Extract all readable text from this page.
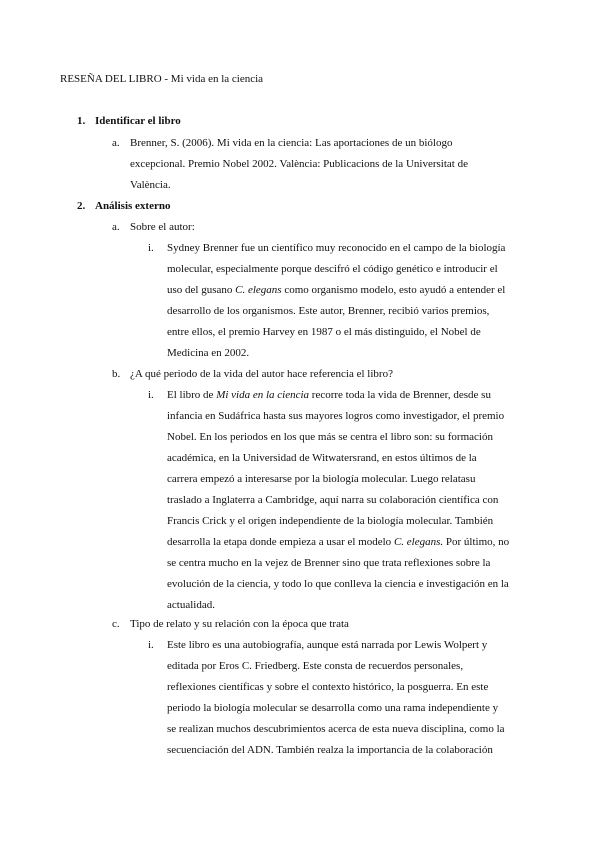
RESEÑA DEL LIBRO - Mi vida en la ciencia
1. Identificar el libro
a. Brenner, S. (2006). Mi vida en la ciencia: Las aportaciones de un biólogo
excepcional. Premio Nobel 2002. València: Publicacions de la Universitat de
València.
2. Análisis externo
a. Sobre el autor:
i. Sydney Brenner fue un científico muy reconocido en el campo de la biología
molecular, especialmente porque descifró el código genético e introducir el
uso del gusano C. elegans como organismo modelo, esto ayudó a entender el
desarrollo de los organismos. Este autor, Brenner, recibió varios premios,
entre ellos, el premio Harvey en 1987 o el más distinguido, el Nobel de
Medicina en 2002.
b. ¿A qué periodo de la vida del autor hace referencia el libro?
i. El libro de Mi vida en la ciencia recorre toda la vida de Brenner, desde su
infancia en Sudáfrica hasta sus mayores logros como investigador, el premio
Nobel. En los periodos en los que más se centra el libro son: su formación
académica, en la Universidad de Witwatersrand, en estos últimos de la
carrera empezó a interesarse por la biología molecular. Luego relatasu
traslado a Inglaterra a Cambridge, aquí narra su colaboración científica con
Francis Crick y el origen independiente de la biología molecular. También
desarrolla la etapa donde empieza a usar el modelo C. elegans. Por último, no
se centra mucho en la vejez de Brenner sino que trata reflexiones sobre la
evolución de la ciencia, y todo lo que conlleva la ciencia e investigación en la
actualidad.
c. Tipo de relato y su relación con la época que trata
i. Este libro es una autobiografía, aunque está narrada por Lewis Wolpert y
editada por Eros C. Friedberg. Este consta de recuerdos personales,
reflexiones científicas y sobre el contexto histórico, la posguerra. En este
periodo la biología molecular se desarrolla como una rama independiente y
se realizan muchos descubrimientos acerca de esta nueva disciplina, como la
secuenciación del ADN. También realza la importancia de la colaboración
